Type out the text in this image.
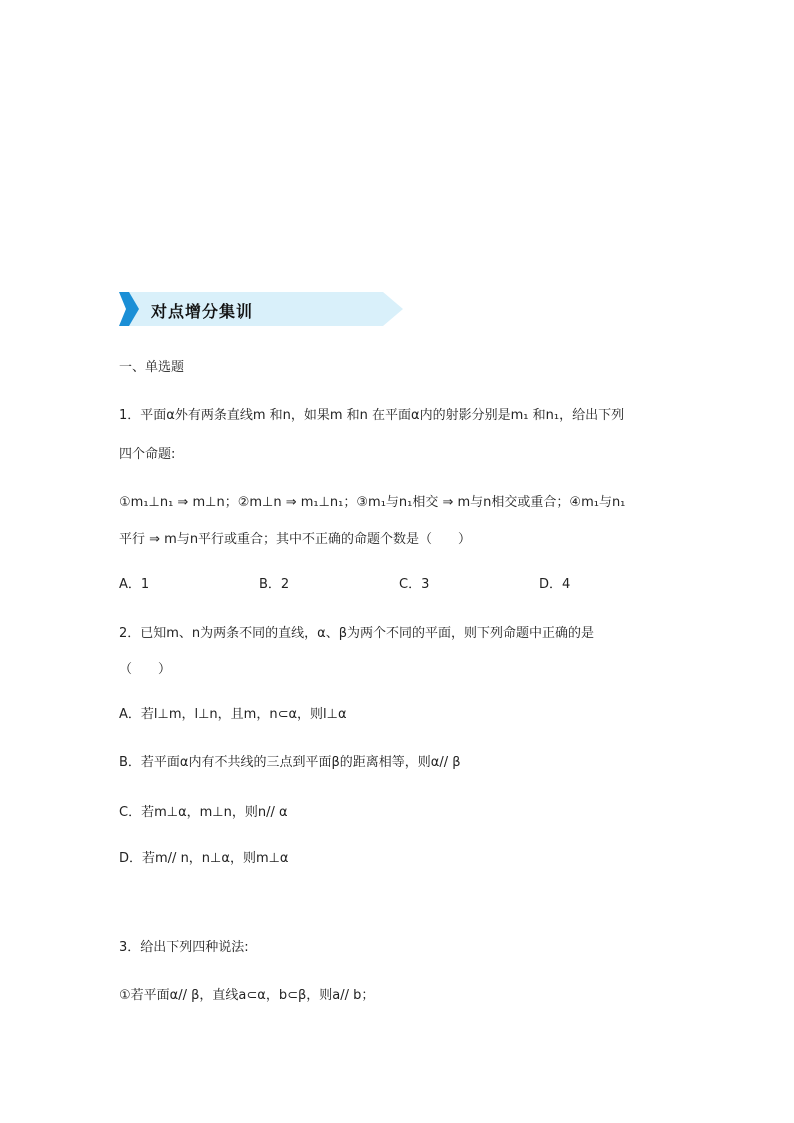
对点增分集训
一、单选题
1．平面α外有两条直线m 和n，如果m 和n 在平面α内的射影分别是m₁ 和n₁，给出下列
四个命题:
①m₁⊥n₁ ⇒ m⊥n；②m⊥n ⇒ m₁⊥n₁；③m₁与n₁相交 ⇒ m与n相交或重合；④m₁与n₁
平行 ⇒ m与n平行或重合；其中不正确的命题个数是（　　）
A．1	B．2	C．3	D．4
2．已知m、n为两条不同的直线，α、β为两个不同的平面，则下列命题中正确的是
（　　）
A．若l⊥m，l⊥n，且m，n⊂α，则l⊥α
B．若平面α内有不共线的三点到平面β的距离相等，则α// β
C．若m⊥α，m⊥n，则n// α
D．若m// n，n⊥α，则m⊥α
3．给出下列四种说法:
①若平面α// β，直线a⊂α，b⊂β，则a// b；
